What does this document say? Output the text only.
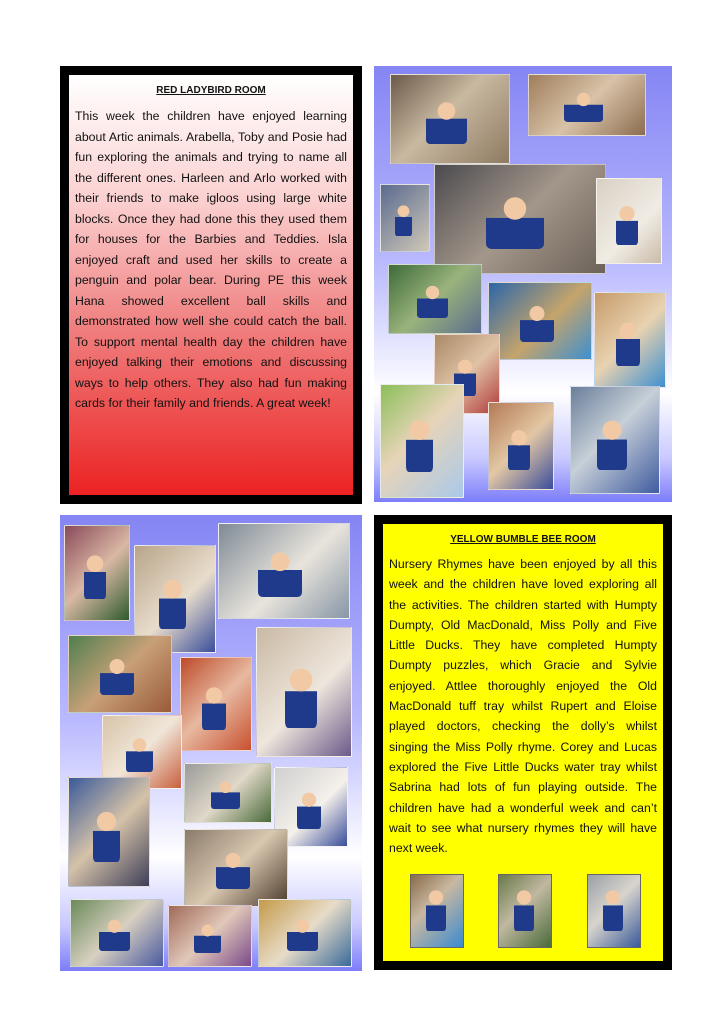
RED LADYBIRD ROOM

This week the children have enjoyed learning about Artic animals. Arabella, Toby and Posie had fun exploring the animals and trying to name all the different ones. Harleen and Arlo worked with their friends to make igloos using large white blocks. Once they had done this they used them for houses for the Barbies and Teddies. Isla enjoyed craft and used her skills to create a penguin and polar bear. During PE this week Hana showed excellent ball skills and demonstrated how well she could catch the ball. To support mental health day the children have enjoyed talking their emotions and discussing ways to help others. They also had fun making cards for their family and friends. A great week!

YELLOW BUMBLE BEE ROOM

Nursery Rhymes have been enjoyed by all this week and the children have loved exploring all the activities. The children started with Humpty Dumpty, Old MacDonald, Miss Polly and Five Little Ducks. They have completed Humpty Dumpty puzzles, which Gracie and Sylvie enjoyed. Attlee thoroughly enjoyed the Old MacDonald tuff tray whilst Rupert and Eloise played doctors, checking the dolly’s whilst singing the Miss Polly rhyme. Corey and Lucas explored the Five Little Ducks water tray whilst Sabrina had lots of fun playing outside. The children have had a wonderful week and can’t wait to see what nursery rhymes they will have next week.
